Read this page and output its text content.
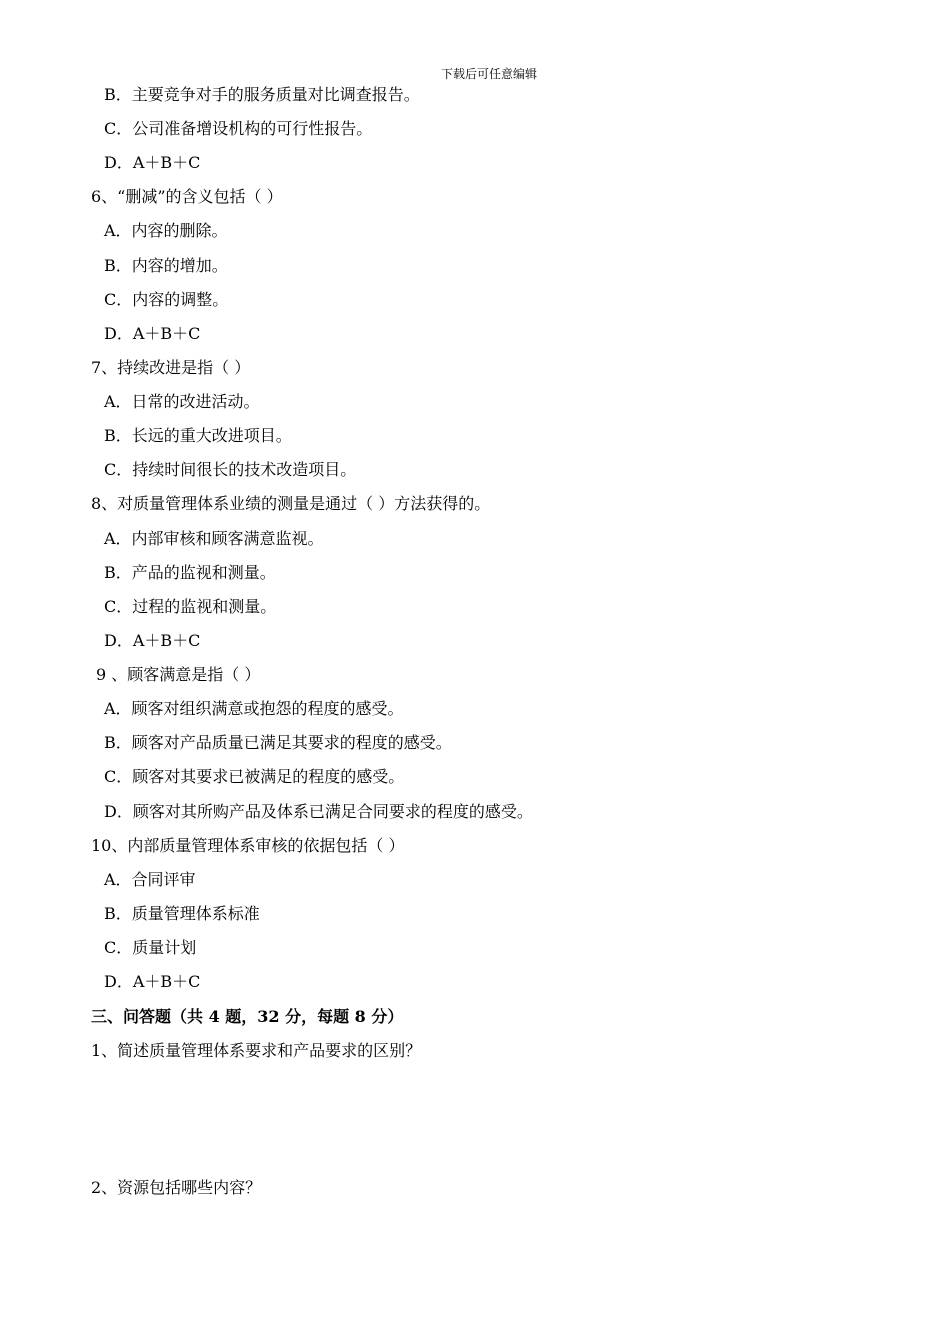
下载后可任意编辑
B．主要竞争对手的服务质量对比调查报告。
C．公司准备增设机构的可行性报告。
D．A＋B＋C
6、“删减”的含义包括（ ）
A．内容的删除。
B．内容的增加。
C．内容的调整。
D．A＋B＋C
7、持续改进是指（ ）
A．日常的改进活动。
B．长远的重大改进项目。
C．持续时间很长的技术改造项目。
8、对质量管理体系业绩的测量是通过（ ）方法获得的。
A．内部审核和顾客满意监视。
B．产品的监视和测量。
C．过程的监视和测量。
D．A＋B＋C
9 、顾客满意是指（ ）
A．顾客对组织满意或抱怨的程度的感受。
B．顾客对产品质量已满足其要求的程度的感受。
C．顾客对其要求已被满足的程度的感受。
D．顾客对其所购产品及体系已满足合同要求的程度的感受。
10、内部质量管理体系审核的依据包括（ ）
A．合同评审
B．质量管理体系标准
C．质量计划
D．A＋B＋C
三、问答题（共 4 题，32 分，每题 8 分）
1、简述质量管理体系要求和产品要求的区别？
2、资源包括哪些内容？
